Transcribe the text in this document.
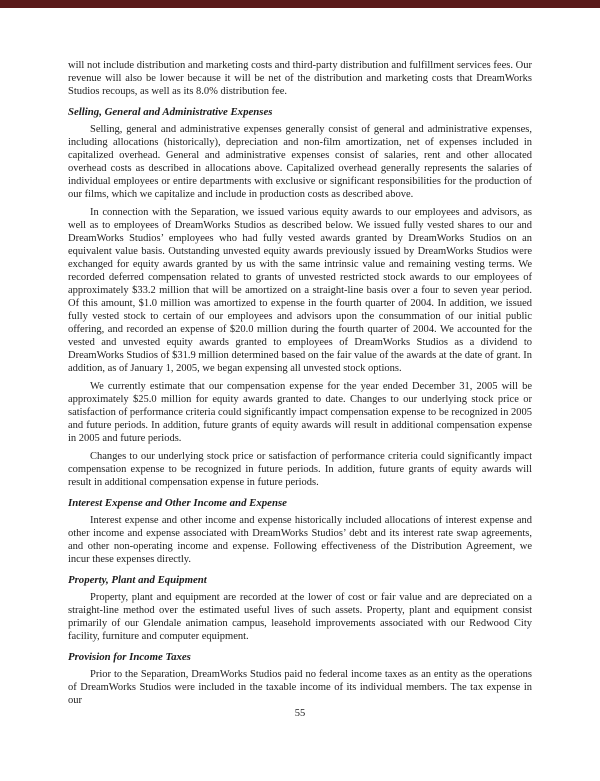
will not include distribution and marketing costs and third-party distribution and fulfillment services fees. Our revenue will also be lower because it will be net of the distribution and marketing costs that DreamWorks Studios recoups, as well as its 8.0% distribution fee.

Selling, General and Administrative Expenses

Selling, general and administrative expenses generally consist of general and administrative expenses, including allocations (historically), depreciation and non-film amortization, net of expenses included in capitalized overhead. General and administrative expenses consist of salaries, rent and other allocated overhead costs as described in allocations above. Capitalized overhead generally represents the salaries of individual employees or entire departments with exclusive or significant responsibilities for the production of our films, which we capitalize and include in production costs as described above.

In connection with the Separation, we issued various equity awards to our employees and advisors, as well as to employees of DreamWorks Studios as described below. We issued fully vested shares to our and DreamWorks Studios’ employees who had fully vested awards granted by DreamWorks Studios on an equivalent value basis. Outstanding unvested equity awards previously issued by DreamWorks Studios were exchanged for equity awards granted by us with the same intrinsic value and remaining vesting terms. We recorded deferred compensation related to grants of unvested restricted stock awards to our employees of approximately $33.2 million that will be amortized on a straight-line basis over a four to seven year period. Of this amount, $1.0 million was amortized to expense in the fourth quarter of 2004. In addition, we issued fully vested stock to certain of our employees and advisors upon the consummation of our initial public offering, and recorded an expense of $20.0 million during the fourth quarter of 2004. We accounted for the vested and unvested equity awards granted to employees of DreamWorks Studios as a dividend to DreamWorks Studios of $31.9 million determined based on the fair value of the awards at the date of grant. In addition, as of January 1, 2005, we began expensing all unvested stock options.

We currently estimate that our compensation expense for the year ended December 31, 2005 will be approximately $25.0 million for equity awards granted to date. Changes to our underlying stock price or satisfaction of performance criteria could significantly impact compensation expense to be recognized in 2005 and future periods. In addition, future grants of equity awards will result in additional compensation expense in 2005 and future periods.

Changes to our underlying stock price or satisfaction of performance criteria could significantly impact compensation expense to be recognized in future periods. In addition, future grants of equity awards will result in additional compensation expense in future periods.

Interest Expense and Other Income and Expense

Interest expense and other income and expense historically included allocations of interest expense and other income and expense associated with DreamWorks Studios’ debt and its interest rate swap agreements, and other non-operating income and expense. Following effectiveness of the Distribution Agreement, we incur these expenses directly.

Property, Plant and Equipment

Property, plant and equipment are recorded at the lower of cost or fair value and are depreciated on a straight-line method over the estimated useful lives of such assets. Property, plant and equipment consist primarily of our Glendale animation campus, leasehold improvements associated with our Redwood City facility, furniture and computer equipment.

Provision for Income Taxes

Prior to the Separation, DreamWorks Studios paid no federal income taxes as an entity as the operations of DreamWorks Studios were included in the taxable income of its individual members. The tax expense in our

55
